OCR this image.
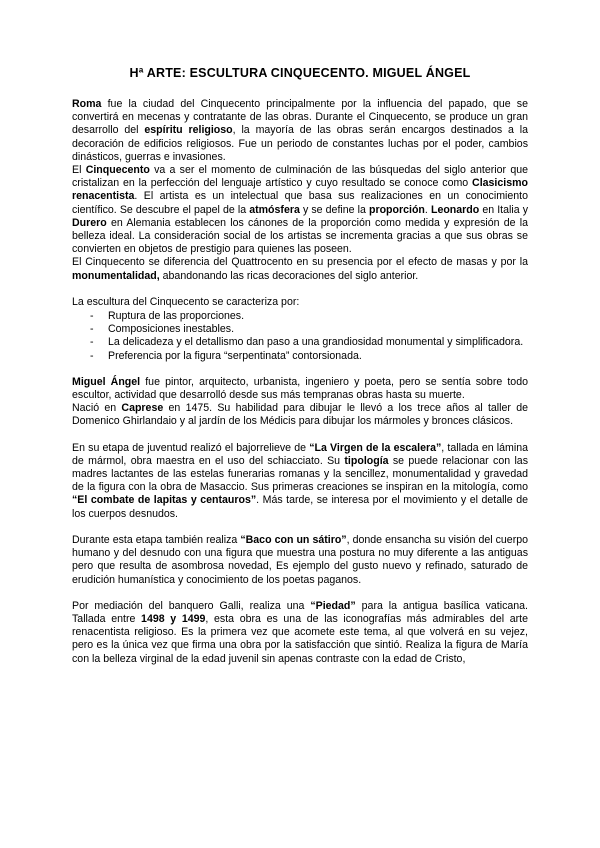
Hª ARTE: ESCULTURA CINQUECENTO. MIGUEL ÁNGEL

Roma fue la ciudad del Cinquecento principalmente por la influencia del papado, que se convertirá en mecenas y contratante de las obras. Durante el Cinquecento, se produce un gran desarrollo del espíritu religioso, la mayoría de las obras serán encargos destinados a la decoración de edificios religiosos. Fue un periodo de constantes luchas por el poder, cambios dinásticos, guerras e invasiones.

El Cinquecento va a ser el momento de culminación de las búsquedas del siglo anterior que cristalizan en la perfección del lenguaje artístico y cuyo resultado se conoce como Clasicismo renacentista. El artista es un intelectual que basa sus realizaciones en un conocimiento científico. Se descubre el papel de la atmósfera y se define la proporción. Leonardo en Italia y Durero en Alemania establecen los cánones de la proporción como medida y expresión de la belleza ideal. La consideración social de los artistas se incrementa gracias a que sus obras se convierten en objetos de prestigio para quienes las poseen.

El Cinquecento se diferencia del Quattrocento en su presencia por el efecto de masas y por la monumentalidad, abandonando las ricas decoraciones del siglo anterior.

La escultura del Cinquecento se caracteriza por:

- Ruptura de las proporciones.
- Composiciones inestables.
- La delicadeza y el detallismo dan paso a una grandiosidad monumental y simplificadora.
- Preferencia por la figura “serpentinata” contorsionada.

Miguel Ángel fue pintor, arquitecto, urbanista, ingeniero y poeta, pero se sentía sobre todo escultor, actividad que desarrolló desde sus más tempranas obras hasta su muerte.

Nació en Caprese en 1475. Su habilidad para dibujar le llevó a los trece años al taller de Domenico Ghirlandaio y al jardín de los Médicis para dibujar los mármoles y bronces clásicos.

En su etapa de juventud realizó el bajorrelieve de “La Virgen de la escalera”, tallada en lámina de mármol, obra maestra en el uso del schiacciato. Su tipología se puede relacionar con las madres lactantes de las estelas funerarias romanas y la sencillez, monumentalidad y gravedad de la figura con la obra de Masaccio. Sus primeras creaciones se inspiran en la mitología, como “El combate de lapitas y centauros”. Más tarde, se interesa por el movimiento y el detalle de los cuerpos desnudos.

Durante esta etapa también realiza “Baco con un sátiro”, donde ensancha su visión del cuerpo humano y del desnudo con una figura que muestra una postura no muy diferente a las antiguas pero que resulta de asombrosa novedad, Es ejemplo del gusto nuevo y refinado, saturado de erudición humanística y conocimiento de los poetas paganos.

Por mediación del banquero Galli, realiza una “Piedad” para la antigua basílica vaticana. Tallada entre 1498 y 1499, esta obra es una de las iconografías más admirables del arte renacentista religioso. Es la primera vez que acomete este tema, al que volverá en su vejez, pero es la única vez que firma una obra por la satisfacción que sintió. Realiza la figura de María con la belleza virginal de la edad juvenil sin apenas contraste con la edad de Cristo,
